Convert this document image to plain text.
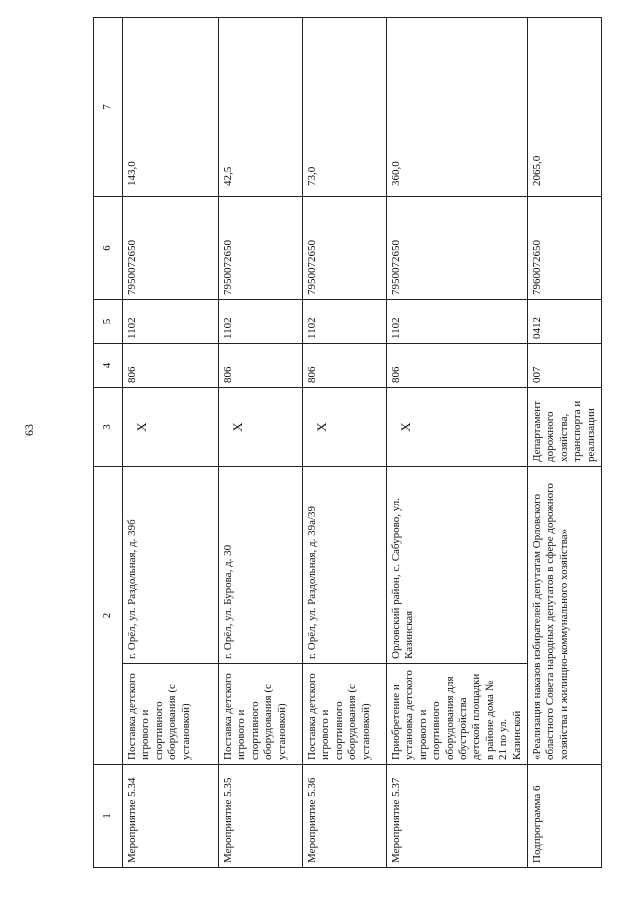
63
1	2		3	4	5	6	7
Мероприятие 5.34	Поставка детского игрового и спортивного оборудования (с установкой)	г. Орёл, ул. Раздольная, д. 39б	Х	806	1102	7950072650	143,0
Мероприятие 5.35	Поставка детского игрового и спортивного оборудования (с установкой)	г. Орёл, ул. Бурова, д. 30	Х	806	1102	7950072650	42,5
Мероприятие 5.36	Поставка детского игрового и спортивного оборудования (с установкой)	г. Орёл, ул. Раздольная, д. 39а/39	Х	806	1102	7950072650	73,0
Мероприятие 5.37	Приобретение и установка детского игрового и спортивного оборудования для обустройства детской площадки в районе дома № 21 по ул. Казинской	Орловский район, с. Сабурово, ул. Казинская	Х	806	1102	7950072650	360,0
Подпрограмма 6	«Реализация наказов избирателей депутатам Орловского областного Совета народных депутатов в сфере дорожного хозяйства и жилищно-коммунального хозяйства»		Департамент дорожного хозяйства, транспорта и реализации	007	0412	7960072650	2065,0
